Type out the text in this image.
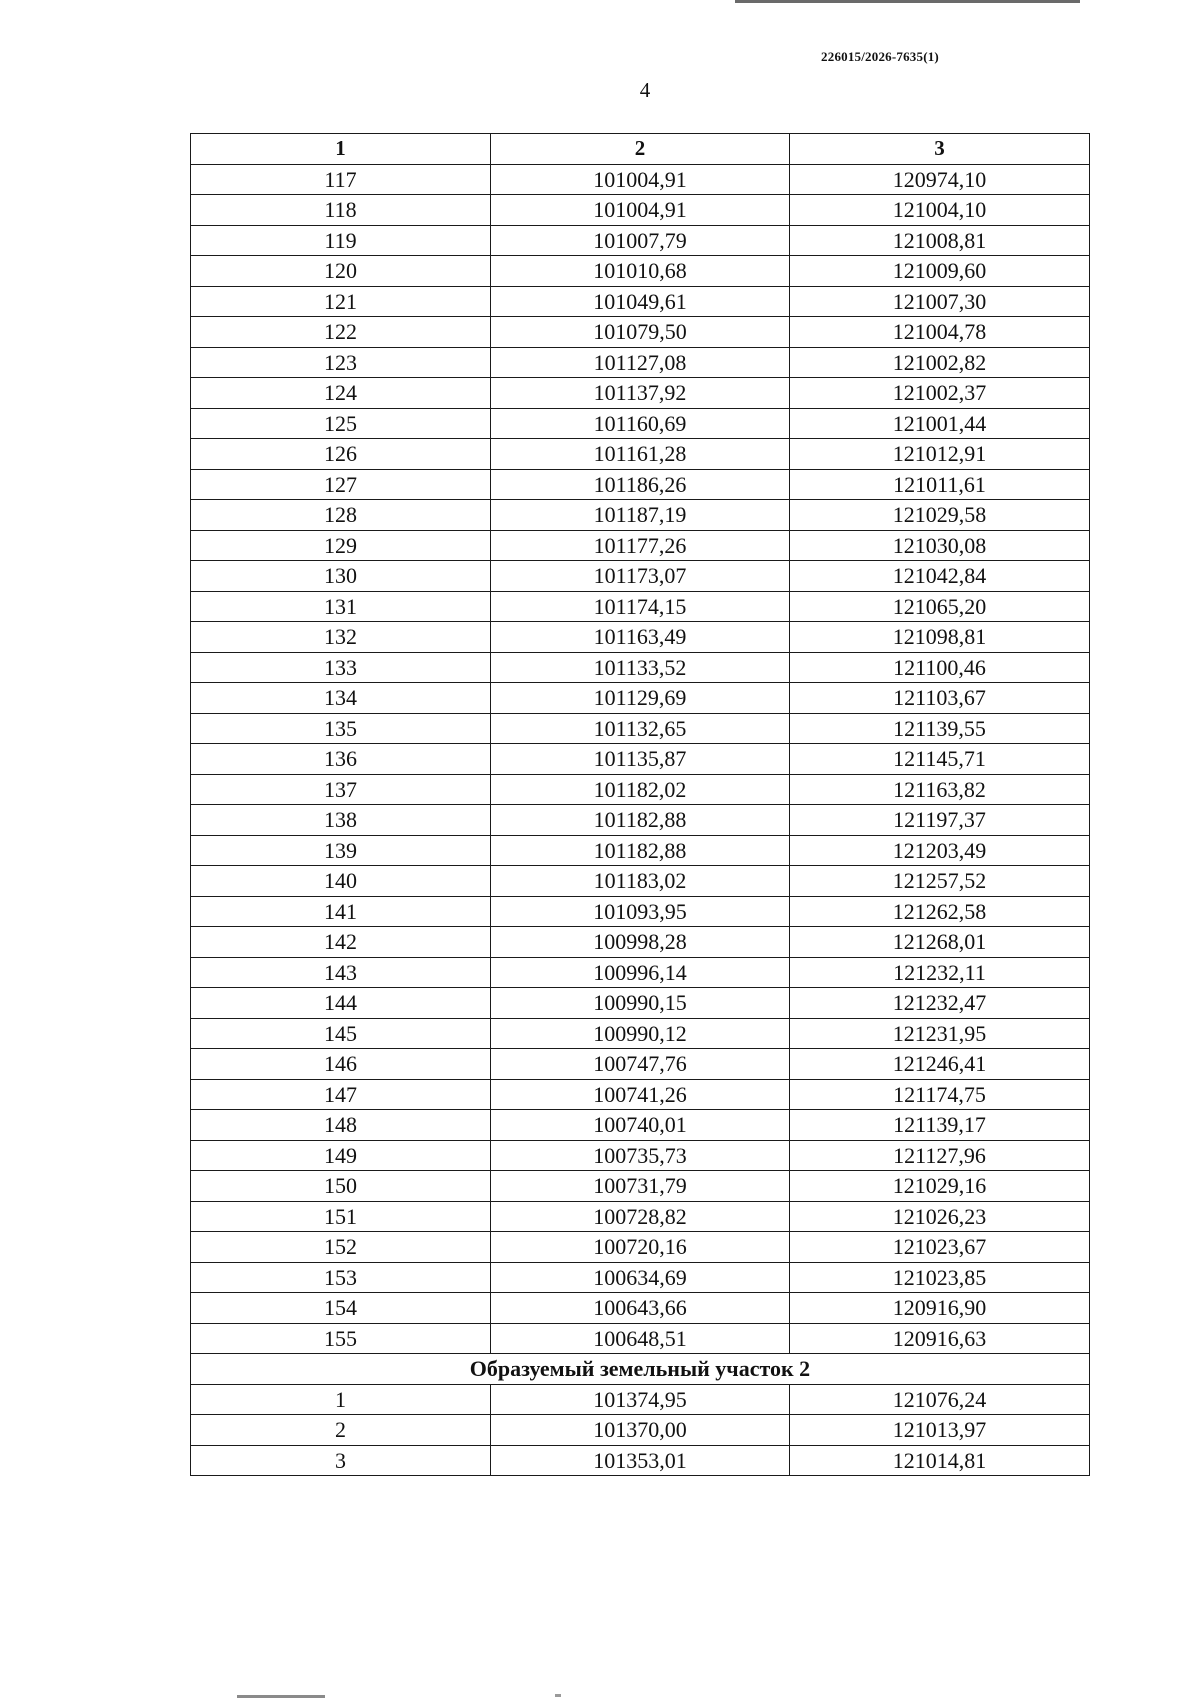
226015/2026-7635(1)
4
1	2	3
117	101004,91	120974,10
118	101004,91	121004,10
119	101007,79	121008,81
120	101010,68	121009,60
121	101049,61	121007,30
122	101079,50	121004,78
123	101127,08	121002,82
124	101137,92	121002,37
125	101160,69	121001,44
126	101161,28	121012,91
127	101186,26	121011,61
128	101187,19	121029,58
129	101177,26	121030,08
130	101173,07	121042,84
131	101174,15	121065,20
132	101163,49	121098,81
133	101133,52	121100,46
134	101129,69	121103,67
135	101132,65	121139,55
136	101135,87	121145,71
137	101182,02	121163,82
138	101182,88	121197,37
139	101182,88	121203,49
140	101183,02	121257,52
141	101093,95	121262,58
142	100998,28	121268,01
143	100996,14	121232,11
144	100990,15	121232,47
145	100990,12	121231,95
146	100747,76	121246,41
147	100741,26	121174,75
148	100740,01	121139,17
149	100735,73	121127,96
150	100731,79	121029,16
151	100728,82	121026,23
152	100720,16	121023,67
153	100634,69	121023,85
154	100643,66	120916,90
155	100648,51	120916,63
Образуемый земельный участок 2		
1	101374,95	121076,24
2	101370,00	121013,97
3	101353,01	121014,81
